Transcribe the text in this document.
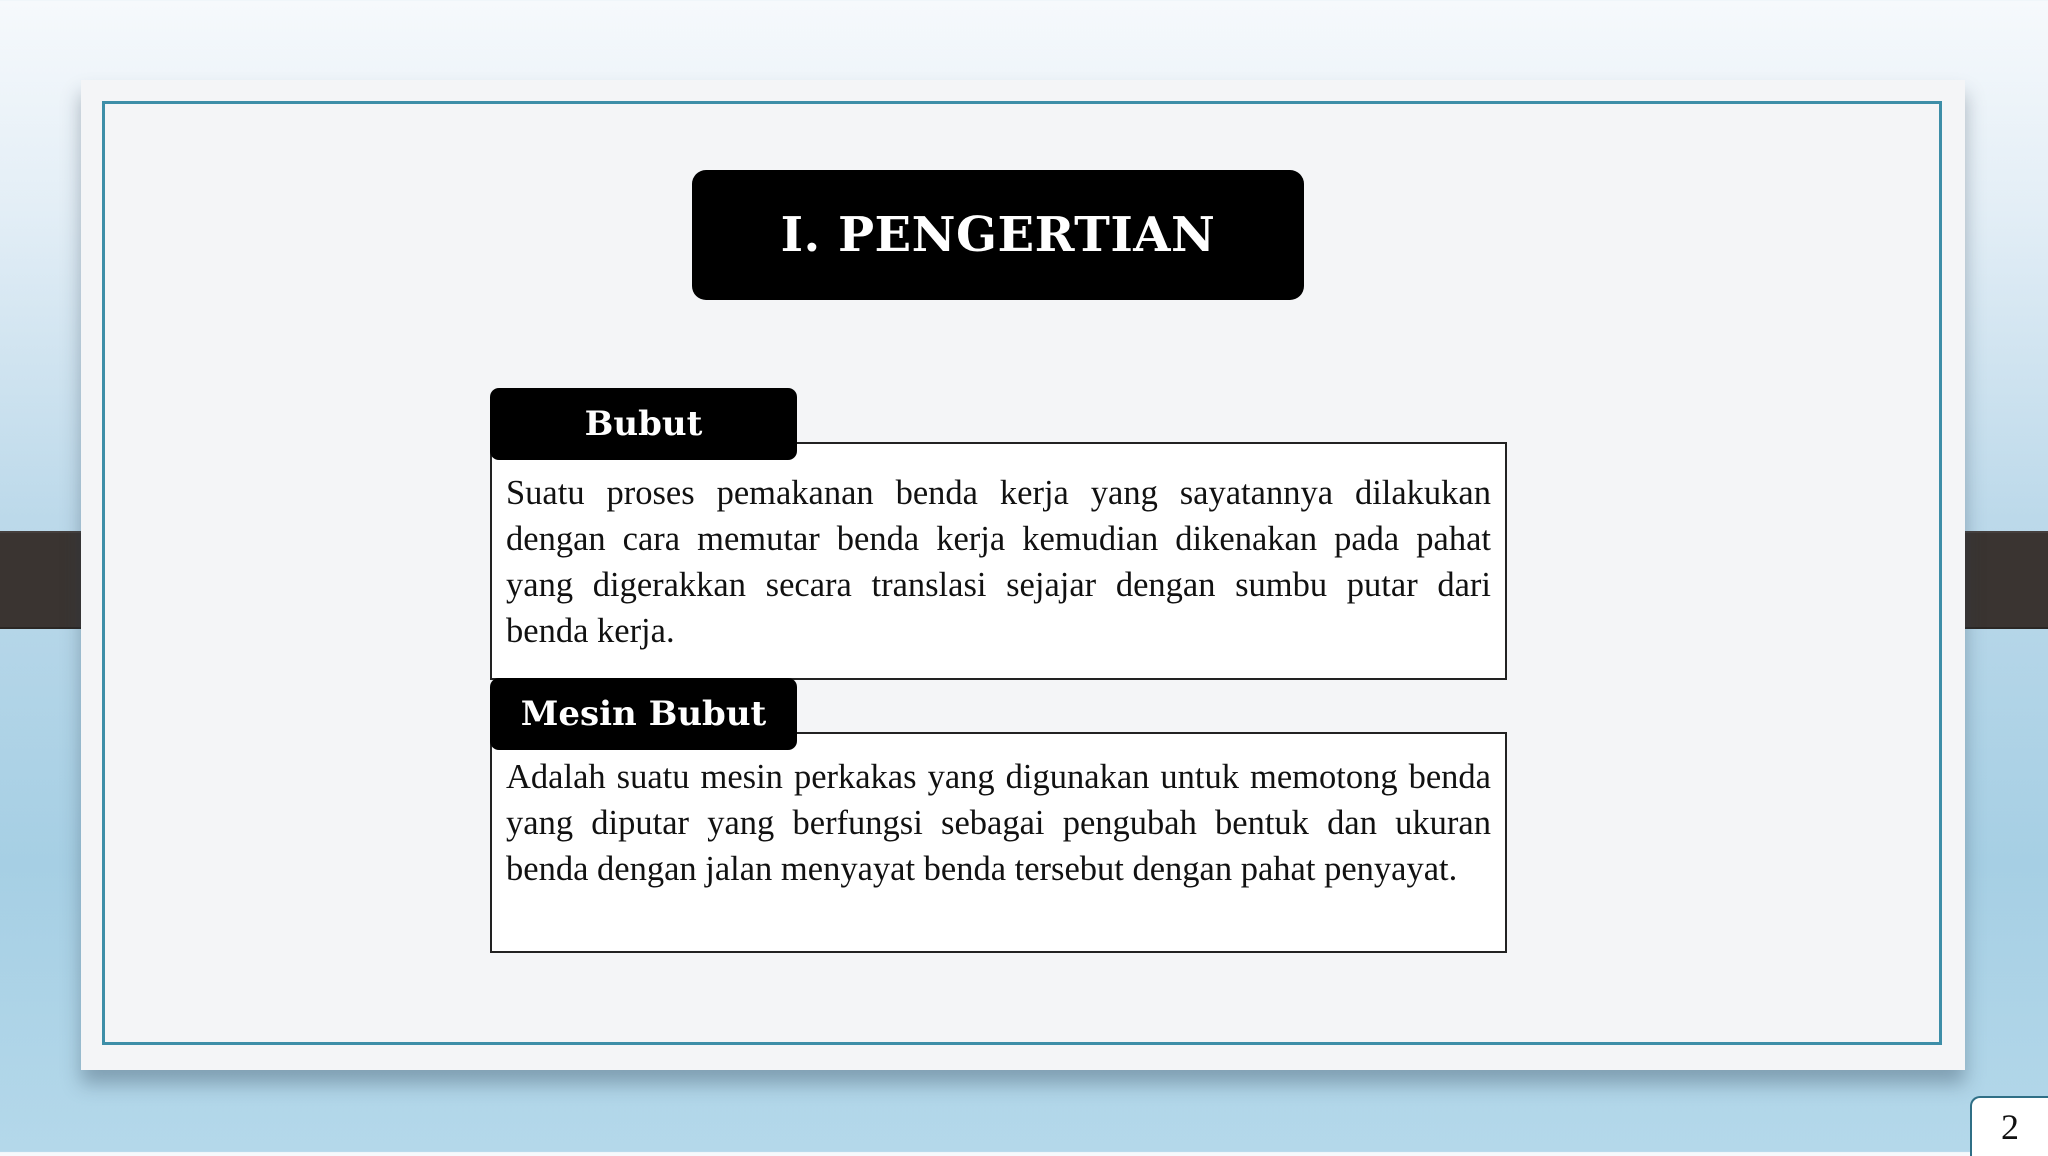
I. PENGERTIAN
Bubut

Suatu proses pemakanan benda kerja yang sayatannya dilakukan dengan cara memutar benda kerja kemudian dikenakan pada pahat yang digerakkan secara translasi sejajar dengan sumbu putar dari benda kerja.

Mesin Bubut

Adalah suatu mesin perkakas yang digunakan untuk memotong benda yang diputar yang berfungsi sebagai pengubah bentuk dan ukuran benda dengan jalan menyayat benda tersebut dengan pahat penyayat.

2
